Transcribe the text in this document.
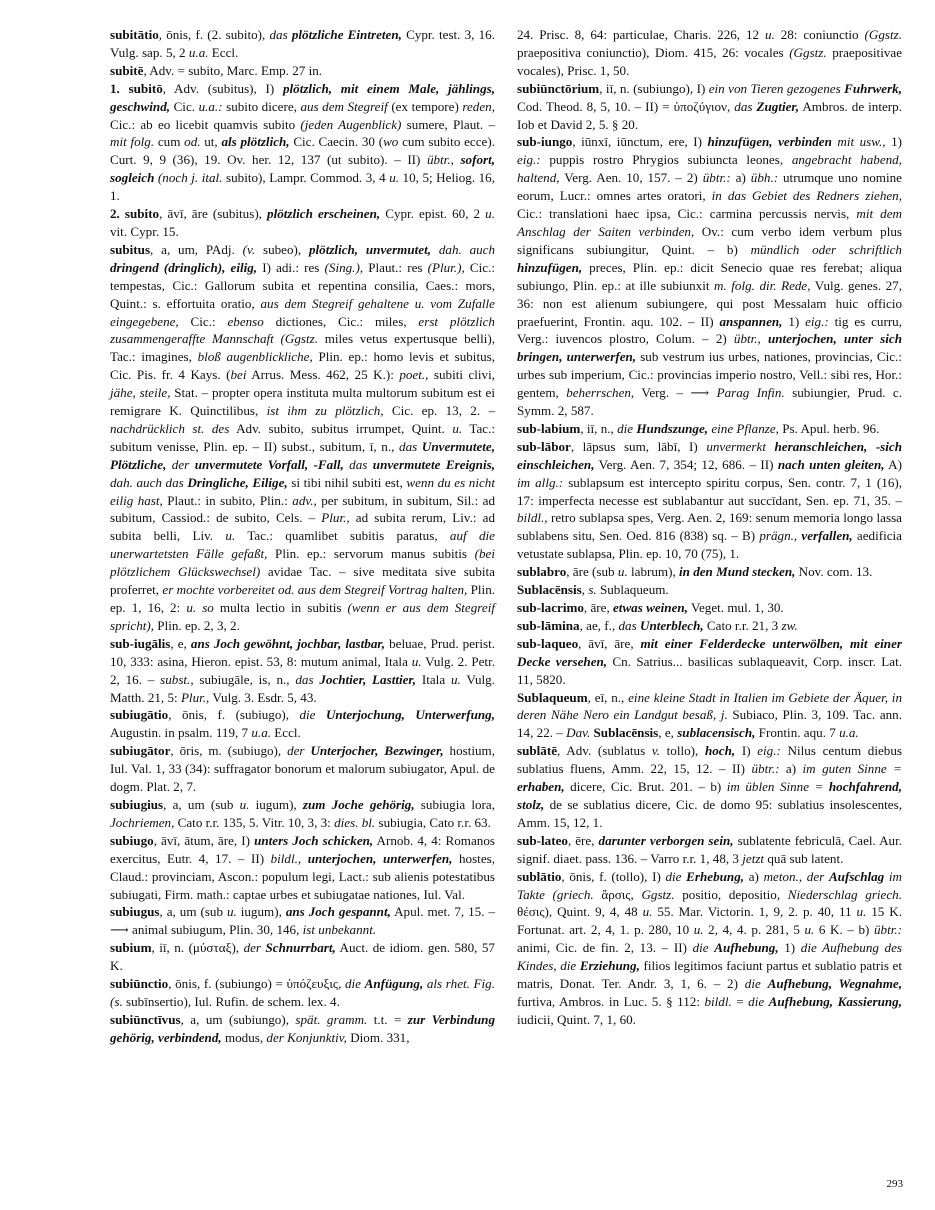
subitātio, ōnis, f. (2. subito), das plötzliche Eintreten, Cypr. test. 3, 16. Vulg. sap. 5, 2 u.a. Eccl.

subitē, Adv. = subito, Marc. Emp. 27 in.

1. subitō, Adv. (subitus), I) plötzlich, mit einem Male, jählings, geschwind, Cic. u.a.: subito dicere, aus dem Stegreif (ex tempore) reden, Cic.: ab eo licebit quamvis subito (jeden Augenblick) sumere, Plaut. – mit folg. cum od. ut, als plötzlich, Cic. Caecin. 30 (wo cum subito ecce). Curt. 9, 9 (36), 19. Ov. her. 12, 137 (ut subito). – II) übtr., sofort, sogleich (noch j. ital. subito), Lampr. Commod. 3, 4 u. 10, 5; Heliog. 16, 1.

2. subito, āvī, āre (subitus), plötzlich erscheinen, Cypr. epist. 60, 2 u. vit. Cypr. 15.

subitus, a, um, PAdj. (v. subeo), plötzlich, unvermutet, dah. auch dringend (dringlich), eilig, I) adi.: res (Sing.), Plaut.: res (Plur.), Cic.: tempestas, Cic.: Gallorum subita et repentina consilia, Caes.: mors, Quint.: s. effortuita oratio, aus dem Stegreif gehaltene u. vom Zufalle eingegebene, Cic.: ebenso dictiones, Cic.: miles, erst plötzlich zusammengeraffte Mannschaft (Ggstz. miles vetus expertusque belli), Tac.: imagines, bloß augenblickliche, Plin. ep.: homo levis et subitus, Cic. Pis. fr. 4 Kays. (bei Arrus. Mess. 462, 25 K.): poet., subiti clivi, jähe, steile, Stat. – propter opera instituta multa multorum subitum est ei remigrare K. Quinctilibus, ist ihm zu plötzlich, Cic. ep. 13, 2. – nachdrücklich st. des Adv. subito, subitus irrumpet, Quint. u. Tac.: subitum venisse, Plin. ep. – II) subst., subitum, ī, n., das Unvermutete, Plötzliche, der unvermutete Vorfall, -Fall, das unvermutete Ereignis, dah. auch das Dringliche, Eilige, si tibi nihil subiti est, wenn du es nicht eilig hast, Plaut.: in subito, Plin.: adv., per subitum, in subitum, Sil.: ad subitum, Cassiod.: de subito, Cels. – Plur., ad subita rerum, Liv.: ad subita belli, Liv. u. Tac.: quamlibet subitis paratus, auf die unerwartetsten Fälle gefaßt, Plin. ep.: servorum manus subitis (bei plötzlichem Glückswechsel) avidae Tac. – sive meditata sive subita proferret, er mochte vorbereitet od. aus dem Stegreif Vortrag halten, Plin. ep. 1, 16, 2: u. so multa lectio in subitis (wenn er aus dem Stegreif spricht), Plin. ep. 2, 3, 2.

sub-iugālis, e, ans Joch gewöhnt, jochbar, lastbar, beluae, Prud. perist. 10, 333: asina, Hieron. epist. 53, 8: mutum animal, Itala u. Vulg. 2. Petr. 2, 16. – subst., subiugāle, is, n., das Jochtier, Lasttier, Itala u. Vulg. Matth. 21, 5: Plur., Vulg. 3. Esdr. 5, 43.

subiugātio, ōnis, f. (subiugo), die Unterjochung, Unterwerfung, Augustin. in psalm. 119, 7 u.a. Eccl.

subiugātor, ōris, m. (subiugo), der Unterjocher, Bezwinger, hostium, Iul. Val. 1, 33 (34): suffragator bonorum et malorum subiugator, Apul. de dogm. Plat. 2, 7.

subiugius, a, um (sub u. iugum), zum Joche gehörig, subiugia lora, Jochriemen, Cato r.r. 135, 5. Vitr. 10, 3, 3: dies. bl. subiugia, Cato r.r. 63.

subiugo, āvī, ātum, āre, I) unters Joch schicken, Arnob. 4, 4: Romanos exercitus, Eutr. 4, 17. – II) bildl., unterjochen, unterwerfen, hostes, Claud.: provinciam, Ascon.: populum legi, Lact.: sub alienis potestatibus subiugati, Firm. math.: captae urbes et subiugatae nationes, Iul. Val.

subiugus, a, um (sub u. iugum), ans Joch gespannt, Apul. met. 7, 15. – ⟶ animal subiugum, Plin. 30, 146, ist unbekannt.

subium, iī, n. (μύσταξ), der Schnurrbart, Auct. de idiom. gen. 580, 57 K.

subiūnctio, ōnis, f. (subiungo) = ὑπόζευξις, die Anfügung, als rhet. Fig. (s. subīnsertio), Iul. Rufin. de schem. lex. 4.

subiūnctīvus, a, um (subiungo), spät. gramm. t.t. = zur Verbindung gehörig, verbindend, modus, der Konjunktiv, Diom. 331,

24. Prisc. 8, 64: particulae, Charis. 226, 12 u. 28: coniunctio (Ggstz. praepositiva coniunctio), Diom. 415, 26: vocales (Ggstz. praepositivae vocales), Prisc. 1, 50.

subiūnctōrium, iī, n. (subiungo), I) ein von Tieren gezogenes Fuhrwerk, Cod. Theod. 8, 5, 10. – II) = ὑποζύγιον, das Zugtier, Ambros. de interp. Iob et David 2, 5. § 20.

sub-iungo, iūnxī, iūnctum, ere, I) hinzufügen, verbinden mit usw., 1) eig.: puppis rostro Phrygios subiuncta leones, angebracht habend, haltend, Verg. Aen. 10, 157. – 2) übtr.: a) übh.: utrumque uno nomine eorum, Lucr.: omnes artes oratori, in das Gebiet des Redners ziehen, Cic.: translationi haec ipsa, Cic.: carmina percussis nervis, mit dem Anschlag der Saiten verbinden, Ov.: cum verbo idem verbum plus significans subiungitur, Quint. – b) mündlich oder schriftlich hinzufügen, preces, Plin. ep.: dicit Senecio quae res ferebat; aliqua subiungo, Plin. ep.: at ille subiunxit m. folg. dir. Rede, Vulg. genes. 27, 36: non est alienum subiungere, qui post Messalam huic officio praefuerint, Frontin. aqu. 102. – II) anspannen, 1) eig.: tig es curru, Verg.: iuvencos plostro, Colum. – 2) übtr., unterjochen, unter sich bringen, unterwerfen, sub vestrum ius urbes, nationes, provincias, Cic.: urbes sub imperium, Cic.: provincias imperio nostro, Vell.: sibi res, Hor.: gentem, beherrschen, Verg. – ⟶ Parag Infin. subiungier, Prud. c. Symm. 2, 587.

sub-labium, iī, n., die Hundszunge, eine Pflanze, Ps. Apul. herb. 96.

sub-lābor, lāpsus sum, lābī, I) unvermerkt heranschleichen, -sich einschleichen, Verg. Aen. 7, 354; 12, 686. – II) nach unten gleiten, A) im allg.: sublapsum est intercepto spiritu corpus, Sen. contr. 7, 1 (16), 17: imperfecta necesse est sublabantur aut succīdant, Sen. ep. 71, 35. – bildl., retro sublapsa spes, Verg. Aen. 2, 169: senum memoria longo lassa sublabens situ, Sen. Oed. 816 (838) sq. – B) prägn., verfallen, aedificia vetustate sublapsa, Plin. ep. 10, 70 (75), 1.

sublabro, āre (sub u. labrum), in den Mund stecken, Nov. com. 13.

Sublacēnsis, s. Sublaqueum.

sub-lacrimo, āre, etwas weinen, Veget. mul. 1, 30.

sub-lāmina, ae, f., das Unterblech, Cato r.r. 21, 3 zw.

sub-laqueo, āvī, āre, mit einer Felderdecke unterwölben, mit einer Decke versehen, Cn. Satrius... basilicas sublaqueavit, Corp. inscr. Lat. 11, 5820.

Sublaqueum, eī, n., eine kleine Stadt in Italien im Gebiete der Äquer, in deren Nähe Nero ein Landgut besaß, j. Subiaco, Plin. 3, 109. Tac. ann. 14, 22. – Dav. Sublacēnsis, e, sublacensisch, Frontin. aqu. 7 u.a.

sublātē, Adv. (sublatus v. tollo), hoch, I) eig.: Nilus centum diebus sublatius fluens, Amm. 22, 15, 12. – II) übtr.: a) im guten Sinne = erhaben, dicere, Cic. Brut. 201. – b) im üblen Sinne = hochfahrend, stolz, de se sublatius dicere, Cic. de domo 95: sublatius insolescentes, Amm. 15, 12, 1.

sub-lateo, ēre, darunter verborgen sein, sublatente febriculā, Cael. Aur. signif. diaet. pass. 136. – Varro r.r. 1, 48, 3 jetzt quā sub latent.

sublātio, ōnis, f. (tollo), I) die Erhebung, a) meton., der Aufschlag im Takte (griech. ἄρσις, Ggstz. positio, depositio, Niederschlag griech. θέσις), Quint. 9, 4, 48 u. 55. Mar. Victorin. 1, 9, 2. p. 40, 11 u. 15 K. Fortunat. art. 2, 4, 1. p. 280, 10 u. 2, 4, 4. p. 281, 5 u. 6 K. – b) übtr.: animi, Cic. de fin. 2, 13. – II) die Aufhebung, 1) die Aufhebung des Kindes, die Erziehung, filios legitimos faciunt partus et sublatio patris et matris, Donat. Ter. Andr. 3, 1, 6. – 2) die Aufhebung, Wegnahme, furtiva, Ambros. in Luc. 5. § 112: bildl. = die Aufhebung, Kassierung, iudicii, Quint. 7, 1, 60.

293
